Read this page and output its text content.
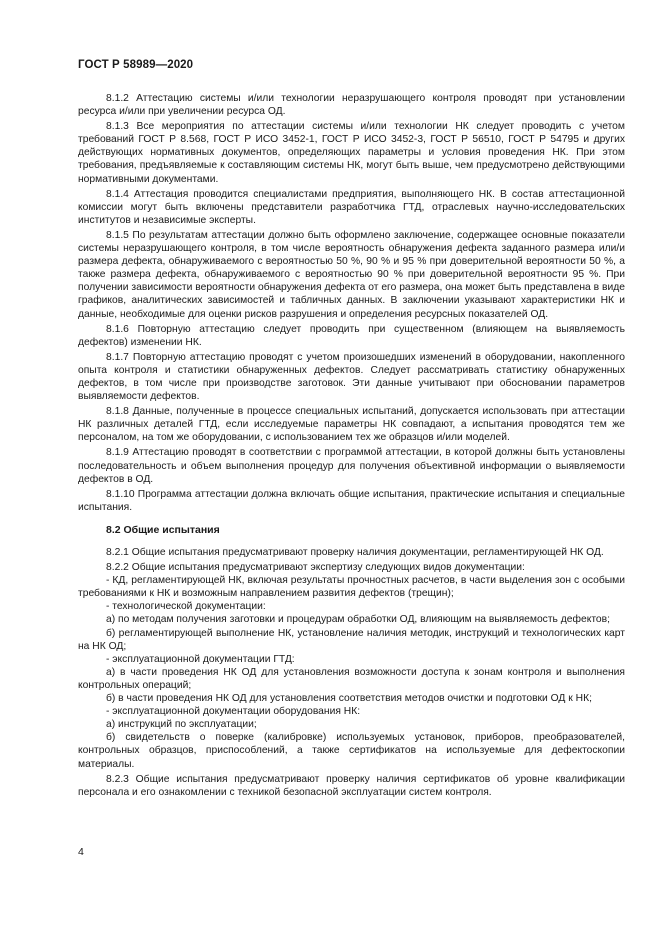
ГОСТ Р 58989—2020

8.1.2 Аттестацию системы и/или технологии неразрушающего контроля проводят при установлении ресурса и/или при увеличении ресурса ОД.

8.1.3 Все мероприятия по аттестации системы и/или технологии НК следует проводить с учетом требований ГОСТ Р 8.568, ГОСТ Р ИСО 3452-1, ГОСТ Р ИСО 3452-3, ГОСТ Р 56510, ГОСТ Р 54795 и других действующих нормативных документов, определяющих параметры и условия проведения НК. При этом требования, предъявляемые к составляющим системы НК, могут быть выше, чем предусмотрено действующими нормативными документами.

8.1.4 Аттестация проводится специалистами предприятия, выполняющего НК. В состав аттестационной комиссии могут быть включены представители разработчика ГТД, отраслевых научно-исследовательских институтов и независимые эксперты.

8.1.5 По результатам аттестации должно быть оформлено заключение, содержащее основные показатели системы неразрушающего контроля, в том числе вероятность обнаружения дефекта заданного размера или/и размера дефекта, обнаруживаемого с вероятностью 50 %, 90 % и 95 % при доверительной вероятности 50 %, а также размера дефекта, обнаруживаемого с вероятностью 90 % при доверительной вероятности 95 %. При получении зависимости вероятности обнаружения дефекта от его размера, она может быть представлена в виде графиков, аналитических зависимостей и табличных данных. В заключении указывают характеристики НК и данные, необходимые для оценки рисков разрушения и определения ресурсных показателей ОД.

8.1.6 Повторную аттестацию следует проводить при существенном (влияющем на выявляемость дефектов) изменении НК.

8.1.7 Повторную аттестацию проводят с учетом произошедших изменений в оборудовании, накопленного опыта контроля и статистики обнаруженных дефектов. Следует рассматривать статистику обнаруженных дефектов, в том числе при производстве заготовок. Эти данные учитывают при обосновании параметров выявляемости дефектов.

8.1.8 Данные, полученные в процессе специальных испытаний, допускается использовать при аттестации НК различных деталей ГТД, если исследуемые параметры НК совпадают, а испытания проводятся тем же персоналом, на том же оборудовании, с использованием тех же образцов и/или моделей.

8.1.9 Аттестацию проводят в соответствии с программой аттестации, в которой должны быть установлены последовательность и объем выполнения процедур для получения объективной информации о выявляемости дефектов в ОД.

8.1.10 Программа аттестации должна включать общие испытания, практические испытания и специальные испытания.

8.2 Общие испытания

8.2.1 Общие испытания предусматривают проверку наличия документации, регламентирующей НК ОД.

8.2.2 Общие испытания предусматривают экспертизу следующих видов документации:

- КД, регламентирующей НК, включая результаты прочностных расчетов, в части выделения зон с особыми требованиями к НК и возможным направлением развития дефектов (трещин);

- технологической документации:

а) по методам получения заготовки и процедурам обработки ОД, влияющим на выявляемость дефектов;

б) регламентирующей выполнение НК, установление наличия методик, инструкций и технологических карт на НК ОД;

- эксплуатационной документации ГТД:

а) в части проведения НК ОД для установления возможности доступа к зонам контроля и выполнения контрольных операций;

б) в части проведения НК ОД для установления соответствия методов очистки и подготовки ОД к НК;

- эксплуатационной документации оборудования НК:

а) инструкций по эксплуатации;

б) свидетельств о поверке (калибровке) используемых установок, приборов, преобразователей, контрольных образцов, приспособлений, а также сертификатов на используемые для дефектоскопии материалы.

8.2.3 Общие испытания предусматривают проверку наличия сертификатов об уровне квалификации персонала и его ознакомлении с техникой безопасной эксплуатации систем контроля.

4
